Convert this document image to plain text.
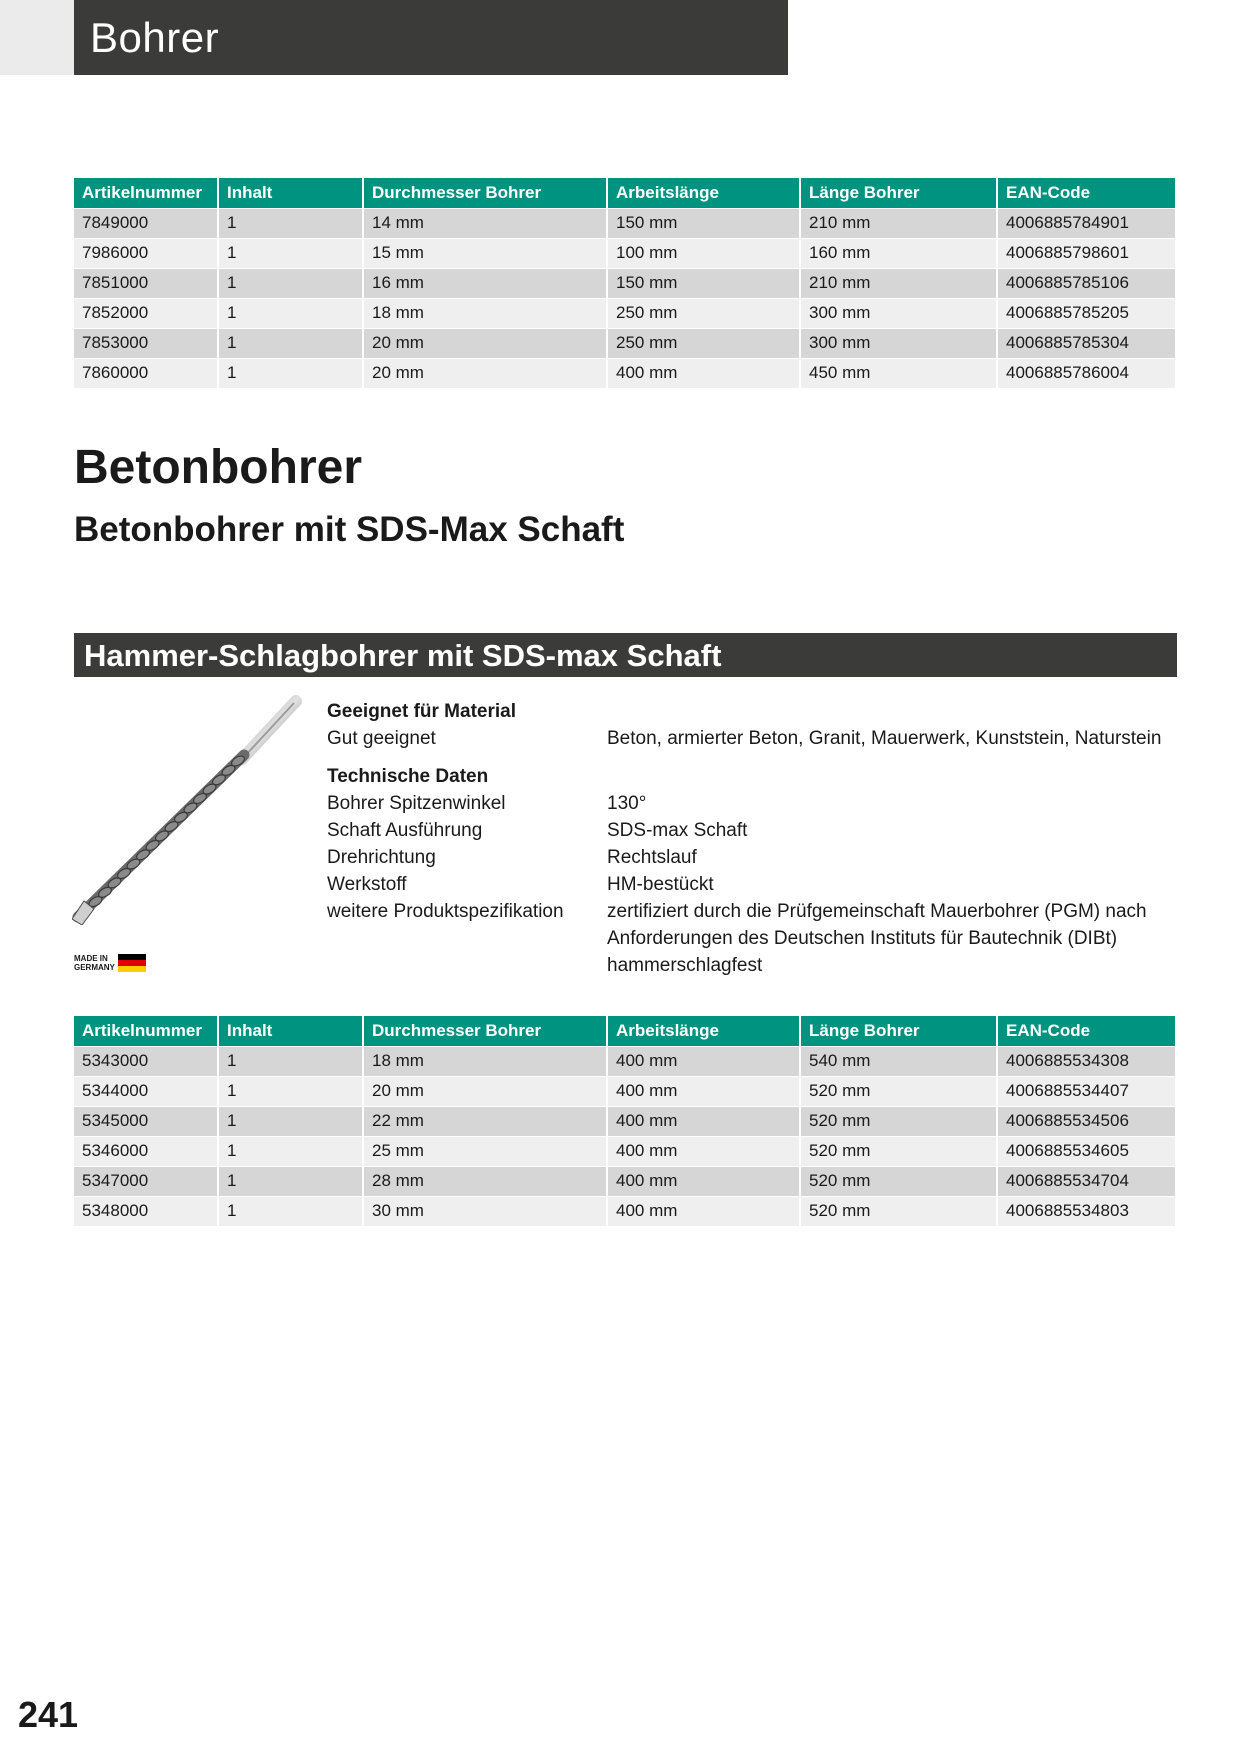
Bohrer
Artikelnummer	Inhalt	Durchmesser Bohrer	Arbeitslänge	Länge Bohrer	EAN-Code
7849000	1	14 mm	150 mm	210 mm	4006885784901
7986000	1	15 mm	100 mm	160 mm	4006885798601
7851000	1	16 mm	150 mm	210 mm	4006885785106
7852000	1	18 mm	250 mm	300 mm	4006885785205
7853000	1	20 mm	250 mm	300 mm	4006885785304
7860000	1	20 mm	400 mm	450 mm	4006885786004
Betonbohrer
Betonbohrer mit SDS-Max Schaft
Hammer-Schlagbohrer mit SDS-max Schaft
MADE IN
GERMANY
Geeignet für Material
Gut geeignet	Beton, armierter Beton, Granit, Mauerwerk, Kunststein, Naturstein
Technische Daten
Bohrer Spitzenwinkel	130°
Schaft Ausführung	SDS-max Schaft
Drehrichtung	Rechtslauf
Werkstoff	HM-bestückt
weitere Produktspezifikation	zertifiziert durch die Prüfgemeinschaft Mauerbohrer (PGM) nach
Anforderungen des Deutschen Instituts für Bautechnik (DIBt)
hammerschlagfest
Artikelnummer	Inhalt	Durchmesser Bohrer	Arbeitslänge	Länge Bohrer	EAN-Code
5343000	1	18 mm	400 mm	540 mm	4006885534308
5344000	1	20 mm	400 mm	520 mm	4006885534407
5345000	1	22 mm	400 mm	520 mm	4006885534506
5346000	1	25 mm	400 mm	520 mm	4006885534605
5347000	1	28 mm	400 mm	520 mm	4006885534704
5348000	1	30 mm	400 mm	520 mm	4006885534803
241
